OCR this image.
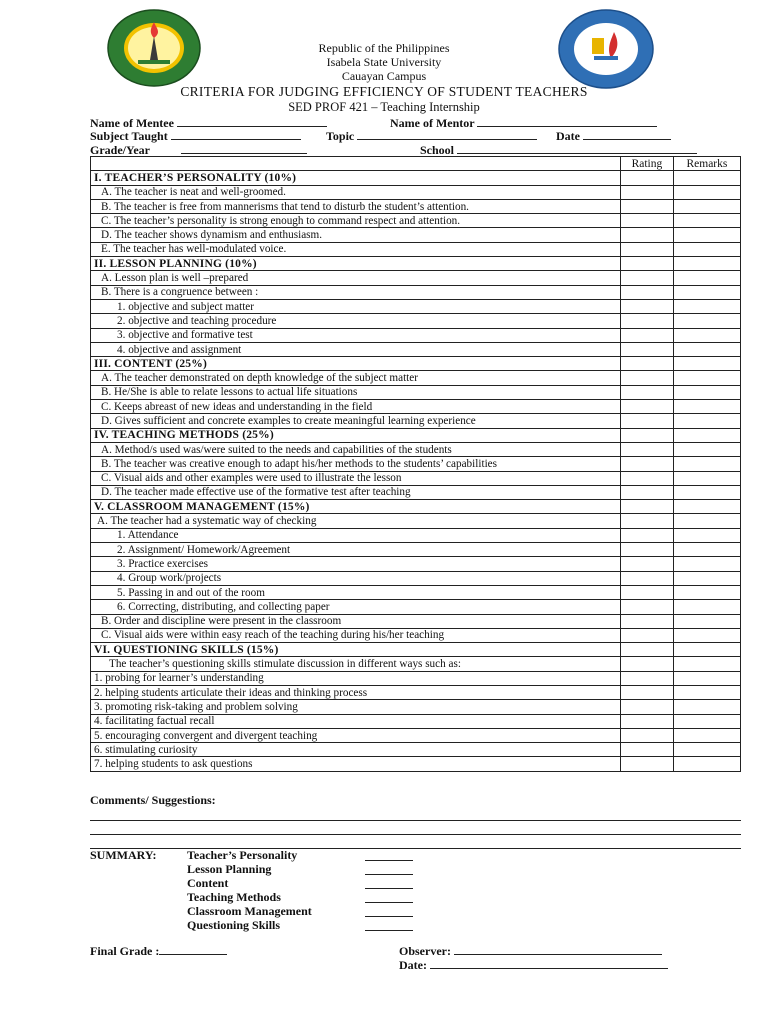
Republic of the Philippines
Isabela State University
Cauayan Campus
CRITERIA FOR JUDGING EFFICIENCY OF STUDENT TEACHERS
SED PROF 421 – Teaching Internship
Name of Mentee	Name of Mentor
Subject Taught	Topic	Date
Grade/Year	School
	Rating	Remarks
I. TEACHER’S PERSONALITY (10%)		
A. The teacher is neat and well-groomed.		
B. The teacher is free from mannerisms that tend to disturb the student’s attention.		
C. The teacher’s personality is strong enough to command respect and attention.		
D. The teacher shows dynamism and enthusiasm.		
E. The teacher has well-modulated voice.		
II. LESSON PLANNING (10%)		
A. Lesson plan is well –prepared		
B. There is a congruence between :		
1. objective and subject matter		
2. objective and teaching procedure		
3. objective and formative test		
4. objective and assignment		
III. CONTENT (25%)		
A. The teacher demonstrated on depth knowledge of the subject matter		
B. He/She is able to relate lessons to actual life situations		
C. Keeps abreast of new ideas and understanding in the field		
D. Gives sufficient and concrete examples to create meaningful learning experience		
IV. TEACHING METHODS (25%)		
A. Method/s used was/were suited to the needs and capabilities of the students		
B. The teacher was creative enough to adapt his/her methods to the students’ capabilities		
C. Visual aids and other examples were used to illustrate the lesson		
D. The teacher made effective use of the formative test after teaching		
V. CLASSROOM MANAGEMENT (15%)		
A. The teacher had a systematic way of checking		
1. Attendance		
2. Assignment/ Homework/Agreement		
3. Practice exercises		
4. Group work/projects		
5. Passing in and out of the room		
6. Correcting, distributing, and collecting paper		
B. Order and discipline were present in the classroom		
C. Visual aids were within easy reach of the teaching during his/her teaching		
VI. QUESTIONING SKILLS (15%)		
The teacher’s questioning skills stimulate discussion in different ways such as:		
1. probing for learner’s understanding		
2. helping students articulate their ideas and thinking process		
3. promoting risk-taking and problem solving		
4. facilitating factual recall		
5. encouraging convergent and divergent teaching		
6. stimulating curiosity		
7. helping students to ask questions		
Comments/ Suggestions:
SUMMARY:	Teacher’s Personality
Lesson Planning
Content
Teaching Methods
Classroom Management
Questioning Skills
Final Grade :	Observer:
Date:
